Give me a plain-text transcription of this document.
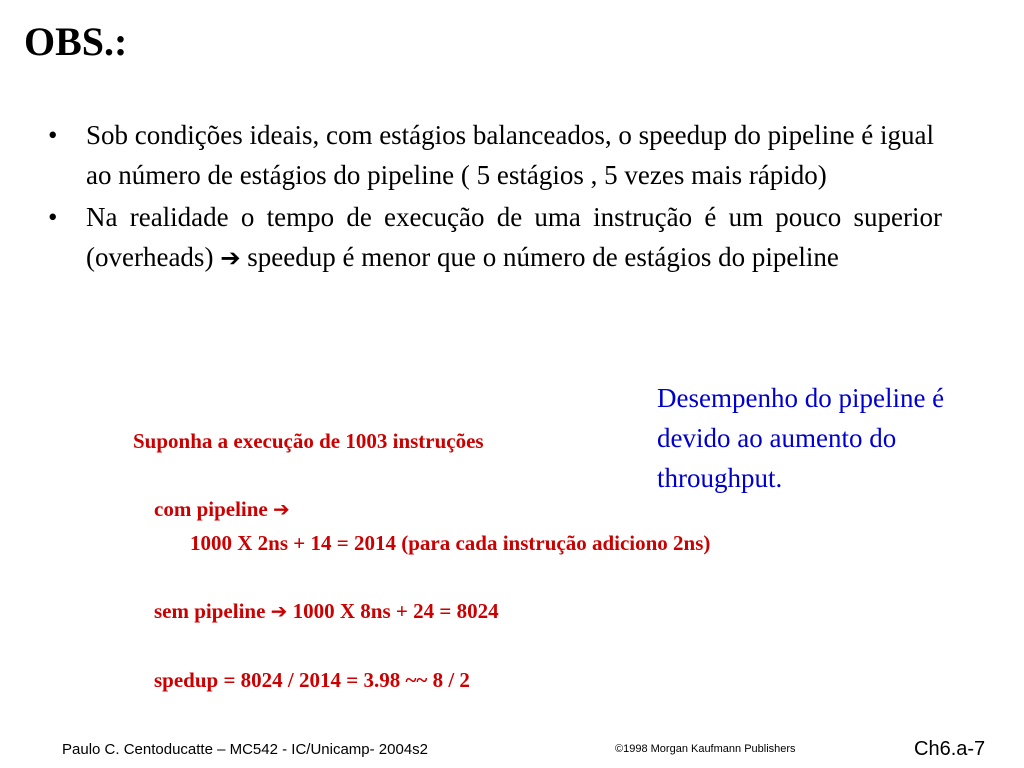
OBS.:
• Sob condições ideais, com estágios balanceados, o speedup do pipeline é igual ao número de estágios do pipeline ( 5 estágios , 5 vezes mais rápido)
• Na realidade o tempo de execução de uma instrução é um pouco superior (overheads) ➔ speedup é menor que o número de estágios do pipeline
Desempenho do pipeline é devido ao aumento do throughput.
Suponha a execução de 1003 instruções
com pipeline ➔
1000 X 2ns + 14 = 2014 (para cada instrução adiciono 2ns)
sem pipeline ➔ 1000 X 8ns + 24 = 8024
spedup = 8024 / 2014 = 3.98 ~~ 8 / 2
Paulo C. Centoducatte – MC542 - IC/Unicamp- 2004s2	©1998 Morgan Kaufmann Publishers	Ch6.a-7
